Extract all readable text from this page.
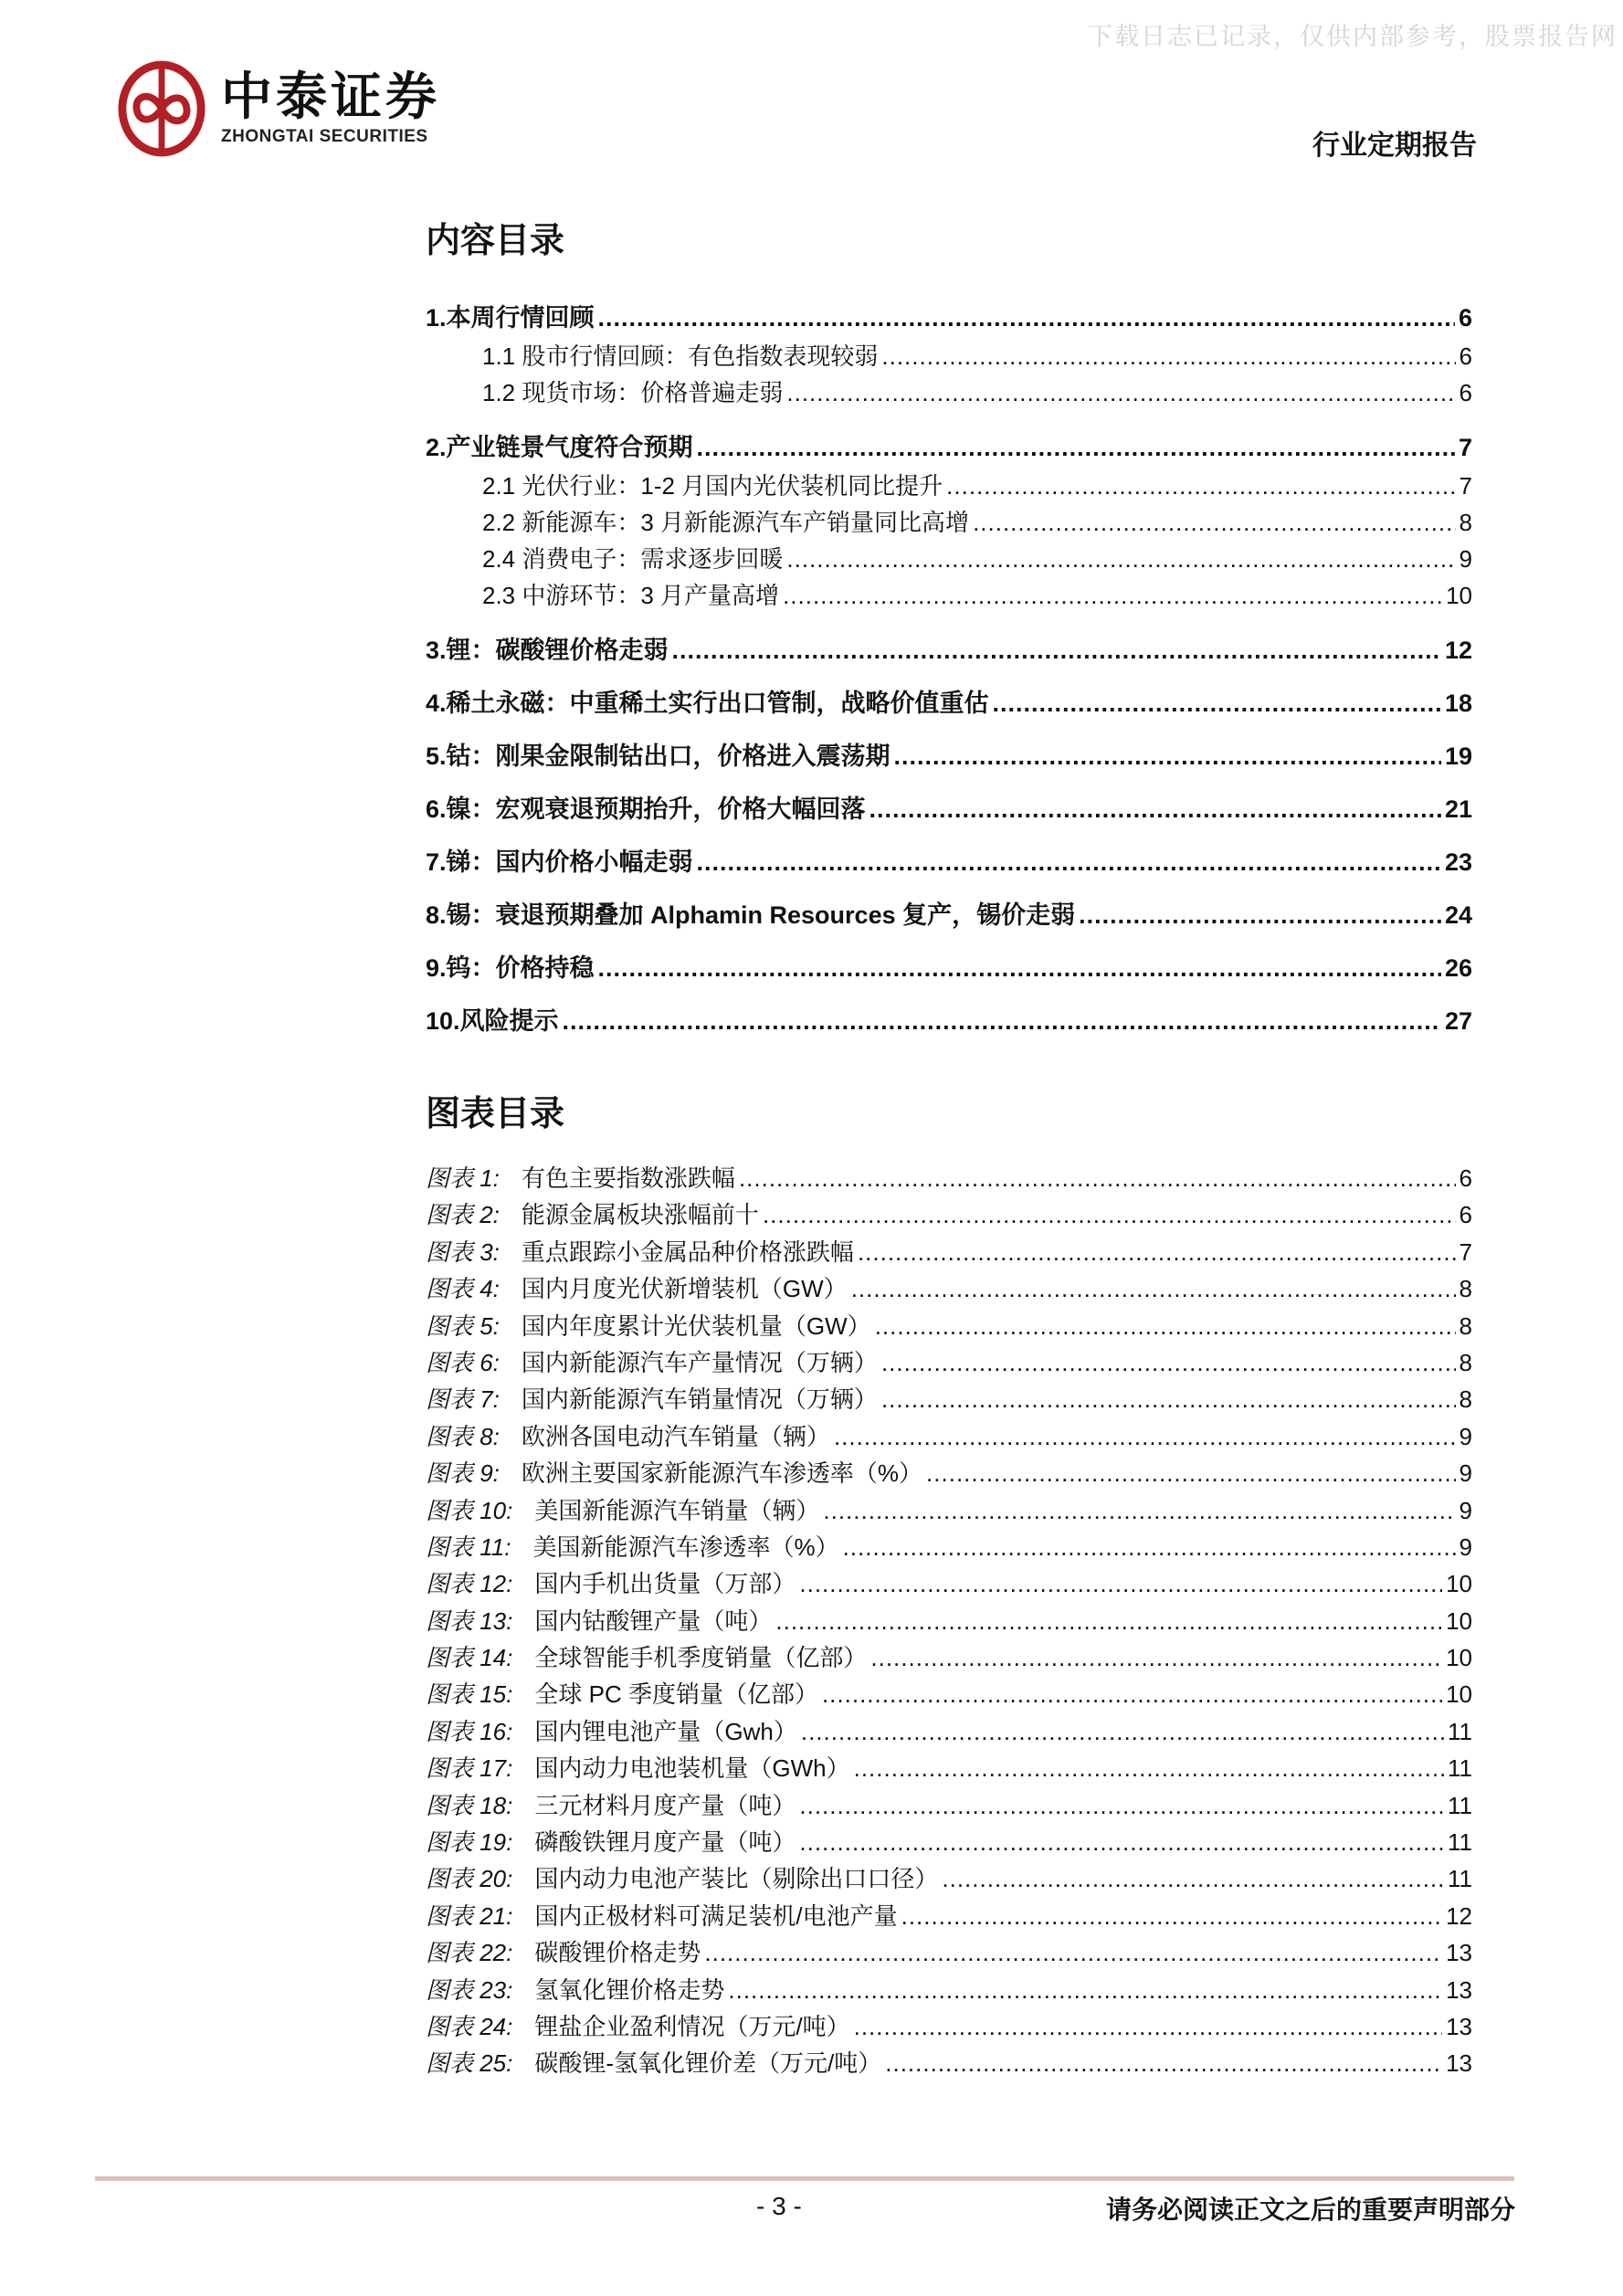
下载日志已记录，仅供内部参考，股票报告网
中泰证券
ZHONGTAI SECURITIES	行业定期报告
内容目录
1.本周行情回顾 .....	6
1.1 股市行情回顾：有色指数表现较弱 .....	6
1.2 现货市场：价格普遍走弱 .....	6
2.产业链景气度符合预期 .....	7
2.1 光伏行业：1-2 月国内光伏装机同比提升 .....	7
2.2 新能源车：3 月新能源汽车产销量同比高增 .....	8
2.4 消费电子：需求逐步回暖 .....	9
2.3 中游环节：3 月产量高增 .....	10
3.锂：碳酸锂价格走弱 .....	12
4.稀土永磁：中重稀土实行出口管制，战略价值重估 .....	18
5.钴：刚果金限制钴出口，价格进入震荡期 .....	19
6.镍：宏观衰退预期抬升，价格大幅回落 .....	21
7.锑：国内价格小幅走弱 .....	23
8.锡：衰退预期叠加 Alphamin Resources 复产，锡价走弱 .....	24
9.钨：价格持稳 .....	26
10.风险提示 .....	27
图表目录
图表 1: 有色主要指数涨跌幅 .....	6
图表 2: 能源金属板块涨幅前十 .....	6
图表 3: 重点跟踪小金属品种价格涨跌幅 .....	7
图表 4: 国内月度光伏新增装机（GW） .....	8
图表 5: 国内年度累计光伏装机量（GW） .....	8
图表 6: 国内新能源汽车产量情况（万辆） .....	8
图表 7: 国内新能源汽车销量情况（万辆） .....	8
图表 8: 欧洲各国电动汽车销量（辆） .....	9
图表 9: 欧洲主要国家新能源汽车渗透率（%） .....	9
图表 10: 美国新能源汽车销量（辆） .....	9
图表 11: 美国新能源汽车渗透率（%） .....	9
图表 12: 国内手机出货量（万部） .....	10
图表 13: 国内钴酸锂产量（吨） .....	10
图表 14: 全球智能手机季度销量（亿部） .....	10
图表 15: 全球 PC 季度销量（亿部） .....	10
图表 16: 国内锂电池产量（Gwh） .....	11
图表 17: 国内动力电池装机量（GWh） .....	11
图表 18: 三元材料月度产量（吨） .....	11
图表 19: 磷酸铁锂月度产量（吨） .....	11
图表 20: 国内动力电池产装比（剔除出口口径） .....	11
图表 21: 国内正极材料可满足装机/电池产量 .....	12
图表 22: 碳酸锂价格走势 .....	13
图表 23: 氢氧化锂价格走势 .....	13
图表 24: 锂盐企业盈利情况（万元/吨） .....	13
图表 25: 碳酸锂-氢氧化锂价差（万元/吨） .....	13
- 3 -	请务必阅读正文之后的重要声明部分
